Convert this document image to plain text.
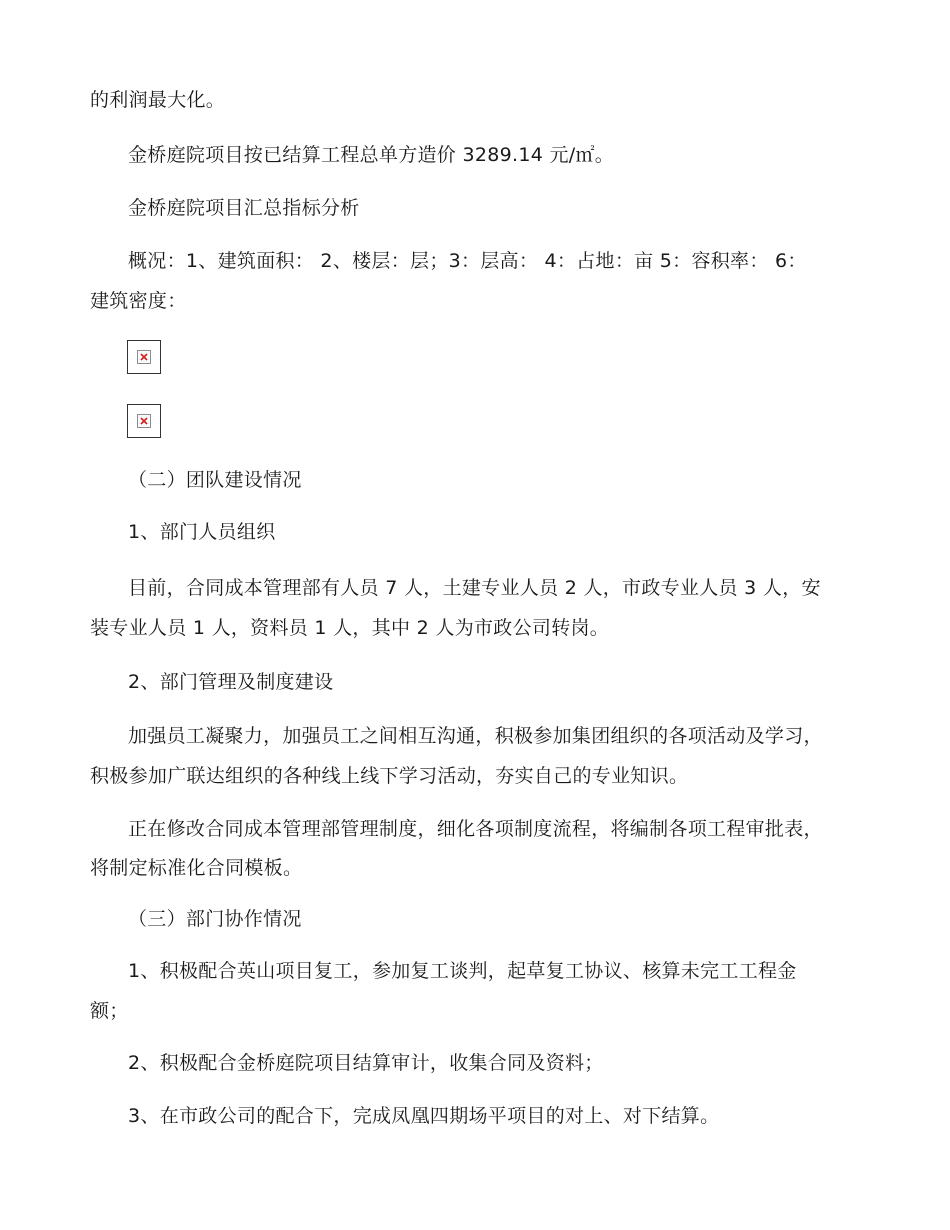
的利润最大化。
金桥庭院项目按已结算工程总单方造价 3289.14 元/㎡。
金桥庭院项目汇总指标分析
概况：1、建筑面积： 2、楼层：层；3：层高： 4：占地：亩 5：容积率： 6：
建筑密度：
（二）团队建设情况
1、部门人员组织
目前，合同成本管理部有人员 7 人，土建专业人员 2 人，市政专业人员 3 人，安
装专业人员 1 人，资料员 1 人，其中 2 人为市政公司转岗。
2、部门管理及制度建设
加强员工凝聚力，加强员工之间相互沟通，积极参加集团组织的各项活动及学习，
积极参加广联达组织的各种线上线下学习活动，夯实自己的专业知识。
正在修改合同成本管理部管理制度，细化各项制度流程，将编制各项工程审批表，
将制定标准化合同模板。
（三）部门协作情况
1、积极配合英山项目复工，参加复工谈判，起草复工协议、核算未完工工程金
额；
2、积极配合金桥庭院项目结算审计，收集合同及资料；
3、在市政公司的配合下，完成凤凰四期场平项目的对上、对下结算。
